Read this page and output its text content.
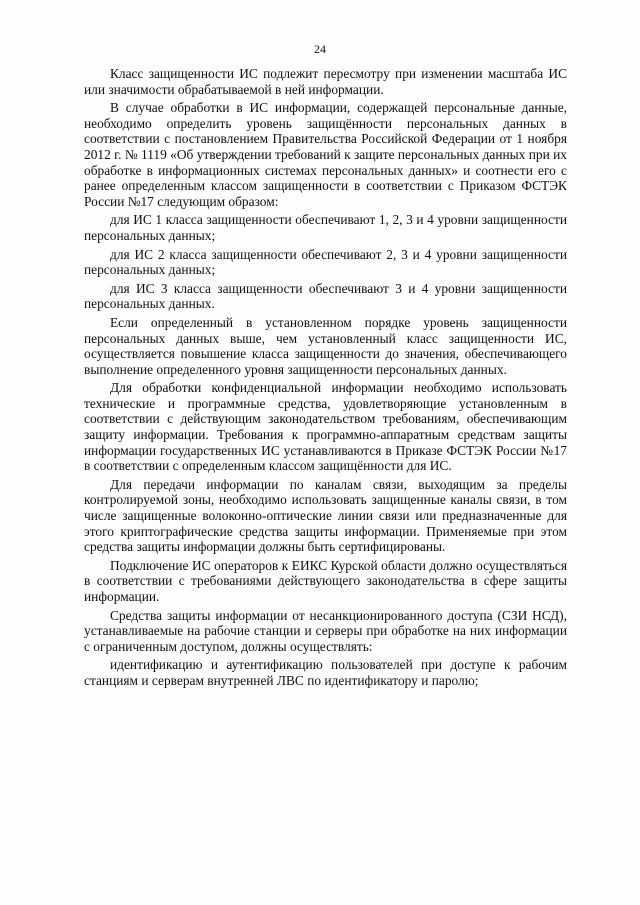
24

Класс защищенности ИС подлежит пересмотру при изменении масштаба ИС или значимости обрабатываемой в ней информации.

В случае обработки в ИС информации, содержащей персональные данные, необходимо определить уровень защищённости персональных данных в соответствии с постановлением Правительства Российской Федерации от 1 ноября 2012 г. № 1119 «Об утверждении требований к защите персональных данных при их обработке в информационных системах персональных данных» и соотнести его с ранее определенным классом защищенности в соответствии с Приказом ФСТЭК России №17 следующим образом:

для ИС 1 класса защищенности обеспечивают 1, 2, 3 и 4 уровни защищенности персональных данных;

для ИС 2 класса защищенности обеспечивают 2, 3 и 4 уровни защищенности персональных данных;

для ИС 3 класса защищенности обеспечивают 3 и 4 уровни защищенности персональных данных.

Если определенный в установленном порядке уровень защищенности персональных данных выше, чем установленный класс защищенности ИС, осуществляется повышение класса защищенности до значения, обеспечивающего выполнение определенного уровня защищенности персональных данных.

Для обработки конфиденциальной информации необходимо использовать технические и программные средства, удовлетворяющие установленным в соответствии с действующим законодательством требованиям, обеспечивающим защиту информации. Требования к программно-аппаратным средствам защиты информации государственных ИС устанавливаются в Приказе ФСТЭК России №17 в соответствии с определенным классом защищённости для ИС.

Для передачи информации по каналам связи, выходящим за пределы контролируемой зоны, необходимо использовать защищенные каналы связи, в том числе защищенные волоконно-оптические линии связи или предназначенные для этого криптографические средства защиты информации. Применяемые при этом средства защиты информации должны быть сертифицированы.

Подключение ИС операторов к ЕИКС Курской области должно осуществляться в соответствии с требованиями действующего законодательства в сфере защиты информации.

Средства защиты информации от несанкционированного доступа (СЗИ НСД), устанавливаемые на рабочие станции и серверы при обработке на них информации с ограниченным доступом, должны осуществлять:

идентификацию и аутентификацию пользователей при доступе к рабочим станциям и серверам внутренней ЛВС по идентификатору и паролю;
